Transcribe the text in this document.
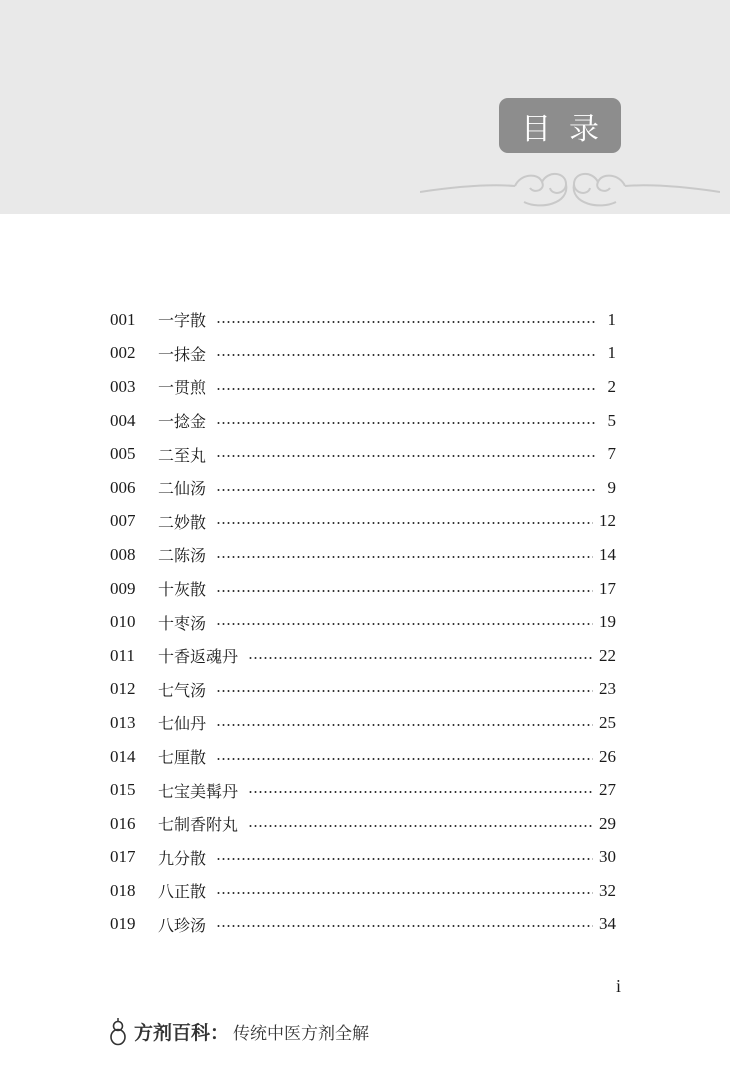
目录
001	一字散	1
002	一抹金	1
003	一贯煎	2
004	一捻金	5
005	二至丸	7
006	二仙汤	9
007	二妙散	12
008	二陈汤	14
009	十灰散	17
010	十枣汤	19
011	十香返魂丹	22
012	七气汤	23
013	七仙丹	25
014	七厘散	26
015	七宝美髯丹	27
016	七制香附丸	29
017	九分散	30
018	八正散	32
019	八珍汤	34
i
方剂百科： 传统中医方剂全解
